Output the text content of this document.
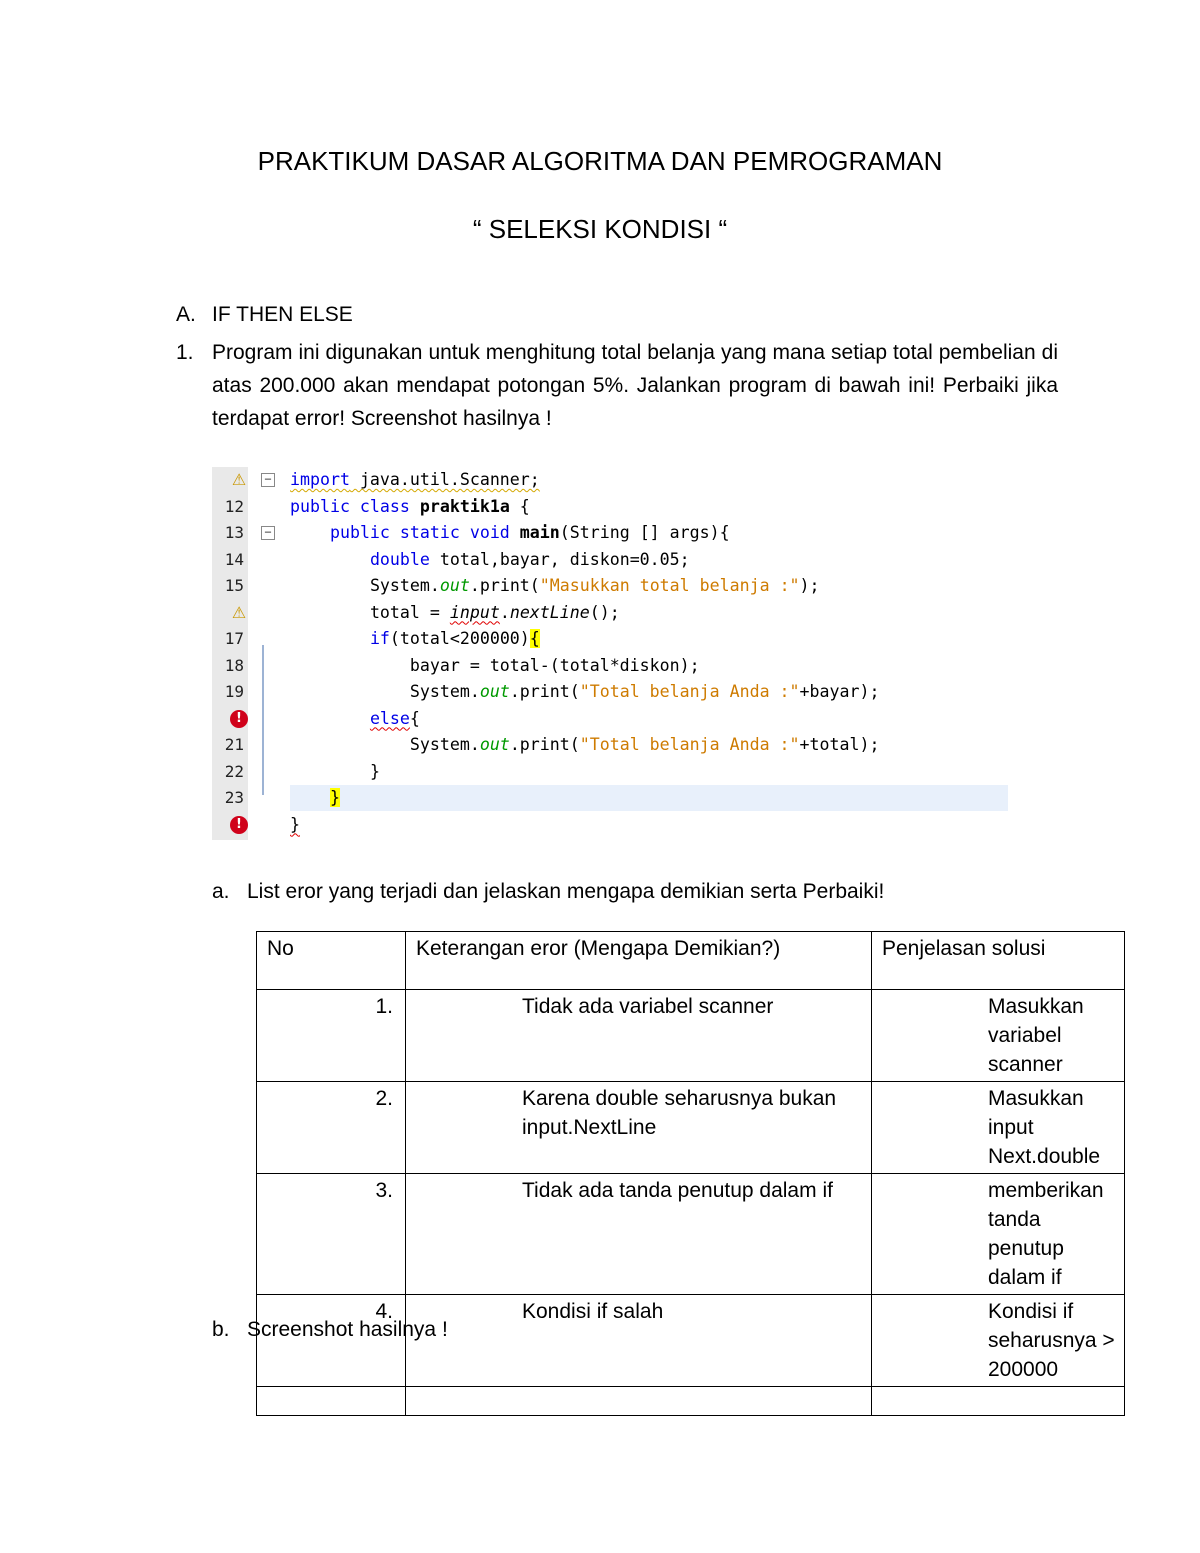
PRAKTIKUM DASAR ALGORITMA DAN PEMROGRAMAN
“ SELEKSI KONDISI “
A. IF THEN ELSE
1. Program ini digunakan untuk menghitung total belanja yang mana setiap total pembelian di atas 200.000 akan mendapat potongan 5%. Jalankan program di bawah ini! Perbaiki jika terdapat error! Screenshot hasilnya !
⚠ − import java.util.Scanner;
12	public class praktik1a {
13 −	public static void main(String [] args){
14	double total,bayar, diskon=0.05;
15	System.out.print("Masukkan total belanja :");
⚠	total = input.nextLine();
17	if(total<200000){
18	bayar = total-(total*diskon);
19	System.out.print("Total belanja Anda :"+bayar);
!	else{
21	System.out.print("Total belanja Anda :"+total);
22	}
23	}
!	}
a. List eror yang terjadi dan jelaskan mengapa demikian serta Perbaiki!
No	Keterangan eror (Mengapa Demikian?)	Penjelasan solusi
1.	Tidak ada variabel scanner	Masukkan variabel scanner
2.	Karena double seharusnya bukan input.NextLine	Masukkan input Next.double
3.	Tidak ada tanda penutup dalam if	memberikan tanda penutup dalam if
4.	Kondisi if salah	Kondisi if seharusnya > 200000

b. Screenshot hasilnya !
